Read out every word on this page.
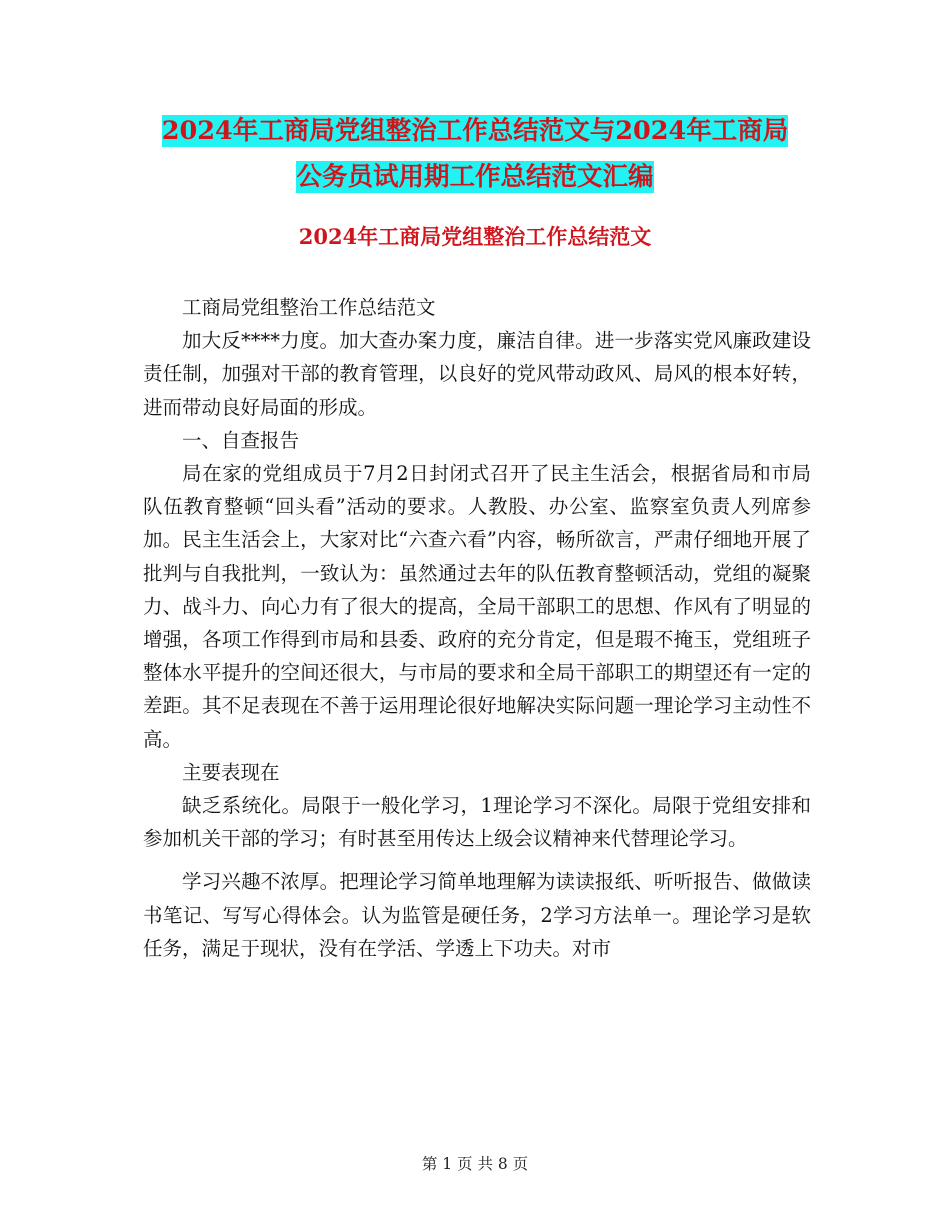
2024年工商局党组整治工作总结范文与2024年工商局
公务员试用期工作总结范文汇编
2024年工商局党组整治工作总结范文

工商局党组整治工作总结范文

加大反****力度。加大查办案力度，廉洁自律。进一步落实党风廉政建设责任制，加强对干部的教育管理，以良好的党风带动政风、局风的根本好转，进而带动良好局面的形成。

一、自查报告

局在家的党组成员于7月2日封闭式召开了民主生活会，根据省局和市局队伍教育整顿“回头看”活动的要求。人教股、办公室、监察室负责人列席参加。民主生活会上，大家对比“六查六看”内容，畅所欲言，严肃仔细地开展了批判与自我批判，一致认为：虽然通过去年的队伍教育整顿活动，党组的凝聚力、战斗力、向心力有了很大的提高，全局干部职工的思想、作风有了明显的增强，各项工作得到市局和县委、政府的充分肯定，但是瑕不掩玉，党组班子整体水平提升的空间还很大，与市局的要求和全局干部职工的期望还有一定的差距。其不足表现在不善于运用理论很好地解决实际问题一理论学习主动性不高。

主要表现在

缺乏系统化。局限于一般化学习，1理论学习不深化。局限于党组安排和参加机关干部的学习；有时甚至用传达上级会议精神来代替理论学习。

学习兴趣不浓厚。把理论学习简单地理解为读读报纸、听听报告、做做读书笔记、写写心得体会。认为监管是硬任务，2学习方法单一。理论学习是软任务，满足于现状，没有在学活、学透上下功夫。对市

第 1 页 共 8 页
